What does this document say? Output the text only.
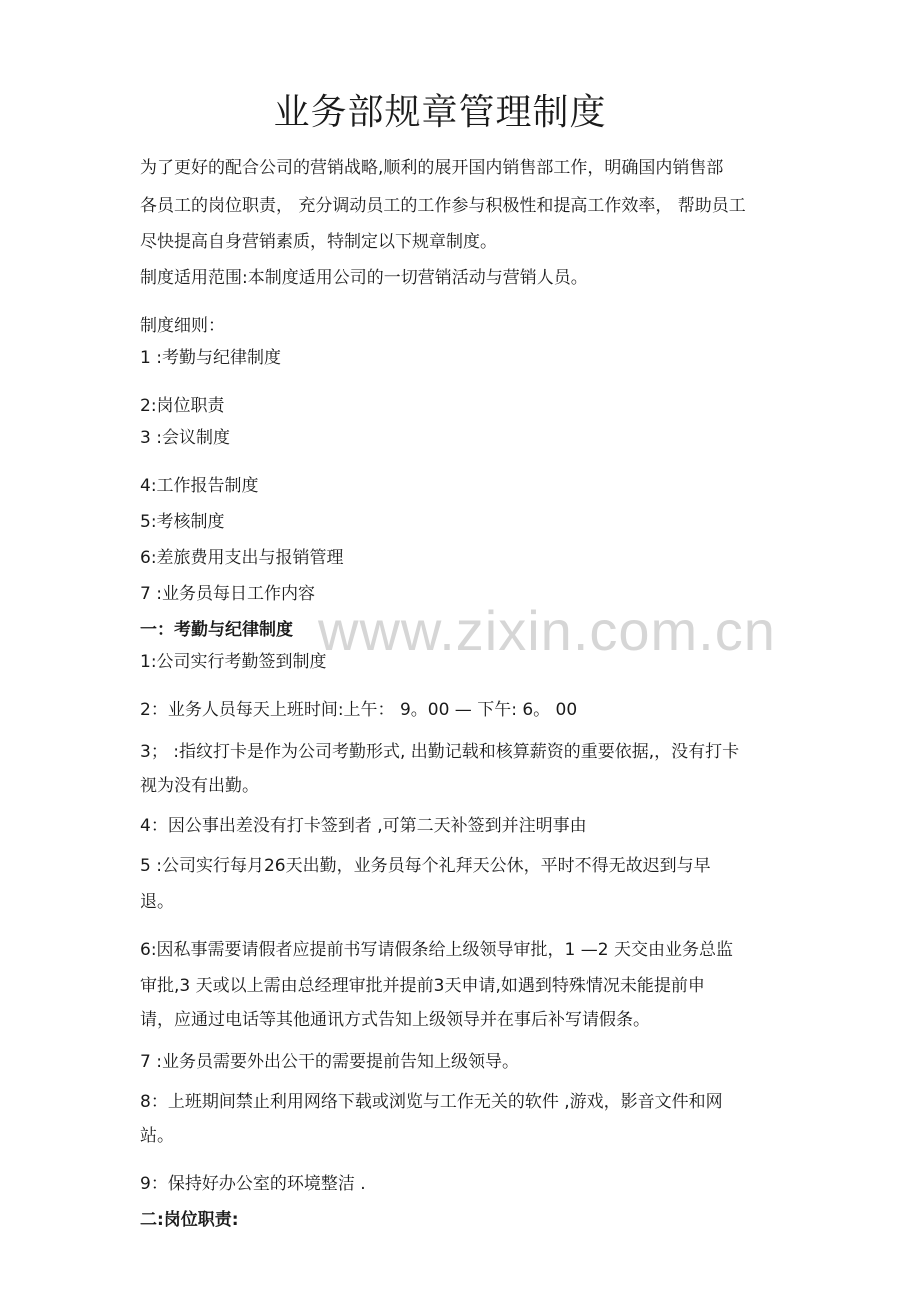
业务部规章管理制度
www.zixin.com.cn

为了更好的配合公司的营销战略,顺利的展开国内销售部工作，明确国内销售部

各员工的岗位职责， 充分调动员工的工作参与积极性和提高工作效率， 帮助员工

尽快提高自身营销素质，特制定以下规章制度。

制度适用范围:本制度适用公司的一切营销活动与营销人员。

制度细则：

1 :考勤与纪律制度

2:岗位职责

3 :会议制度

4:工作报告制度

5:考核制度

6:差旅费用支出与报销管理

7 :业务员每日工作内容

一：考勤与纪律制度

1:公司实行考勤签到制度

2：业务人员每天上班时间:上午： 9。00 — 下午: 6。 00

3； :指纹打卡是作为公司考勤形式, 出勤记载和核算薪资的重要依据,，没有打卡

视为没有出勤。

4：因公事出差没有打卡签到者 ,可第二天补签到并注明事由

5 :公司实行每月26天出勤，业务员每个礼拜天公休，平时不得无故迟到与早

退。

6:因私事需要请假者应提前书写请假条给上级领导审批，1 —2 天交由业务总监

审批,3 天或以上需由总经理审批并提前3天申请,如遇到特殊情况未能提前申

请，应通过电话等其他通讯方式告知上级领导并在事后补写请假条。

7 :业务员需要外出公干的需要提前告知上级领导。

8：上班期间禁止利用网络下载或浏览与工作无关的软件 ,游戏，影音文件和网

站。

9：保持好办公室的环境整洁 .

二:岗位职责:
